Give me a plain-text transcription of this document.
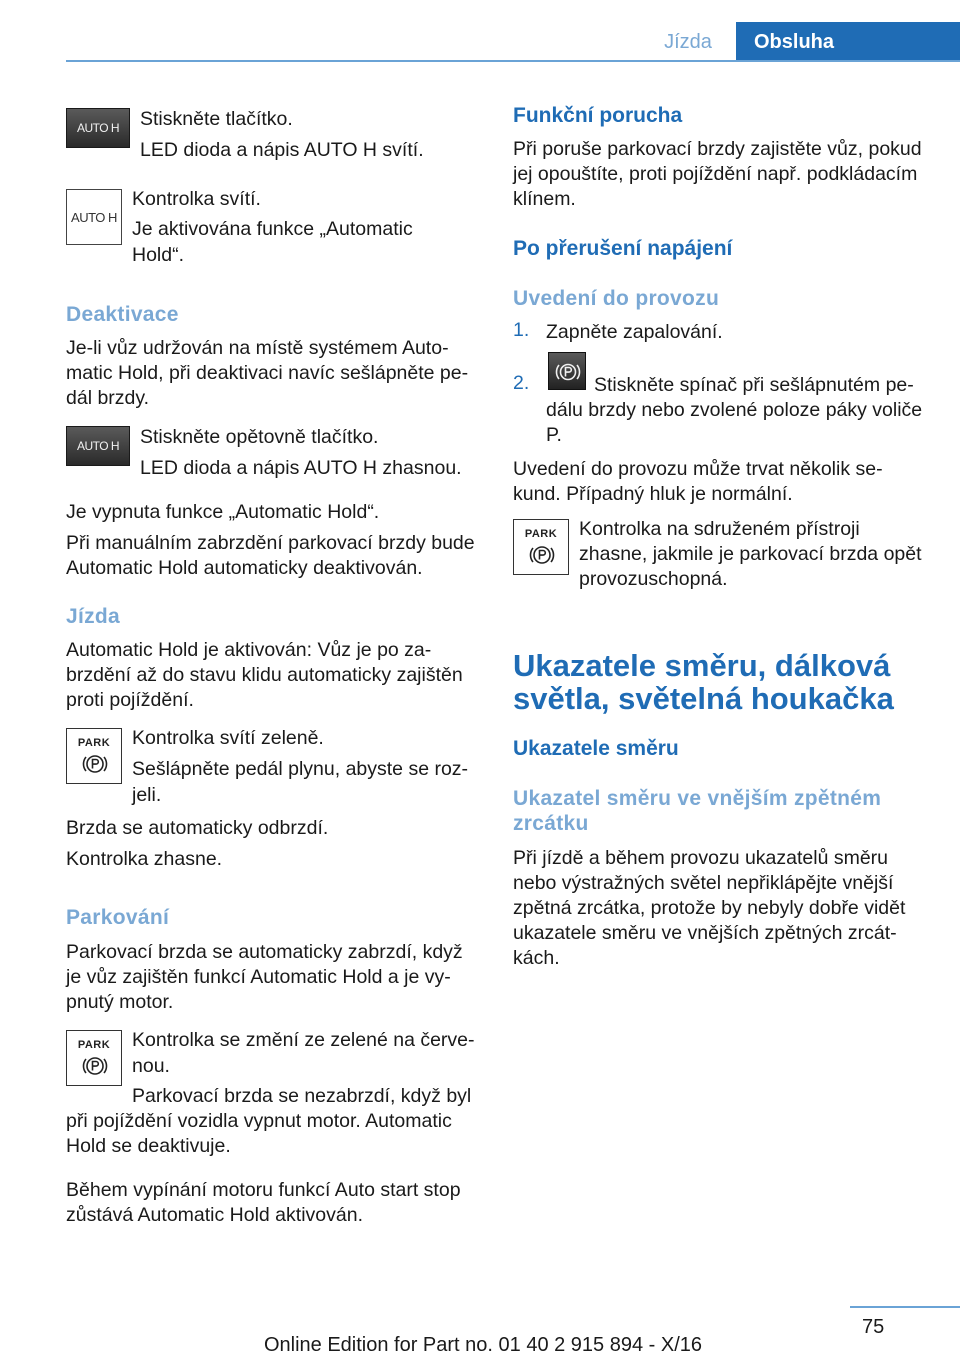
Jízda	Obsluha
AUTO H	Stiskněte tlačítko.
LED dioda a nápis AUTO H svítí.
AUTO H
Kontrolka svítí.
Je aktivována funkce „Automatic
Hold“.
Deaktivace
Je-li vůz udržován na místě systémem Auto‐
matic Hold, při deaktivaci navíc sešlápněte pe‐
dál brzdy.
AUTO H	Stiskněte opětovně tlačítko.
LED dioda a nápis AUTO H zhasnou.
Je vypnuta funkce „Automatic Hold“.
Při manuálním zabrzdění parkovací brzdy bude
Automatic Hold automaticky deaktivován.
Jízda
Automatic Hold je aktivován: Vůz je po za‐
brzdění až do stavu klidu automaticky zajištěn
proti pojíždění.
PARK	Kontrolka svítí zeleně.
Sešlápněte pedál plynu, abyste se roz‐
jeli.
Brzda se automaticky odbrzdí.
Kontrolka zhasne.
Parkování
Parkovací brzda se automaticky zabrzdí, když
je vůz zajištěn funkcí Automatic Hold a je vy‐
pnutý motor.
PARK	Kontrolka se změní ze zelené na červe‐
nou.
Parkovací brzda se nezabrzdí, když byl
při pojíždění vozidla vypnut motor. Automatic
Hold se deaktivuje.
Během vypínání motoru funkcí Auto start stop
zůstává Automatic Hold aktivován.
Funkční porucha
Při poruše parkovací brzdy zajistěte vůz, pokud
jej opouštíte, proti pojíždění např. podkládacím
klínem.
Po přerušení napájení
Uvedení do provozu
1. Zapněte zapalování.
2.	Stiskněte spínač při sešlápnutém pe‐
dálu brzdy nebo zvolené poloze páky voliče
P.
Uvedení do provozu může trvat několik se‐
kund. Případný hluk je normální.
PARK	Kontrolka na sdruženém přístroji
zhasne, jakmile je parkovací brzda opět
provozuschopná.
Ukazatele směru, dálková
světla, světelná houkačka
Ukazatele směru
Ukazatel směru ve vnějším zpětném
zrcátku
Při jízdě a během provozu ukazatelů směru
nebo výstražných světel nepřiklápějte vnější
zpětná zrcátka, protože by nebyly dobře vidět
ukazatele směru ve vnějších zpětných zrcát‐
kách.
75
Online Edition for Part no. 01 40 2 915 894 - X/16
